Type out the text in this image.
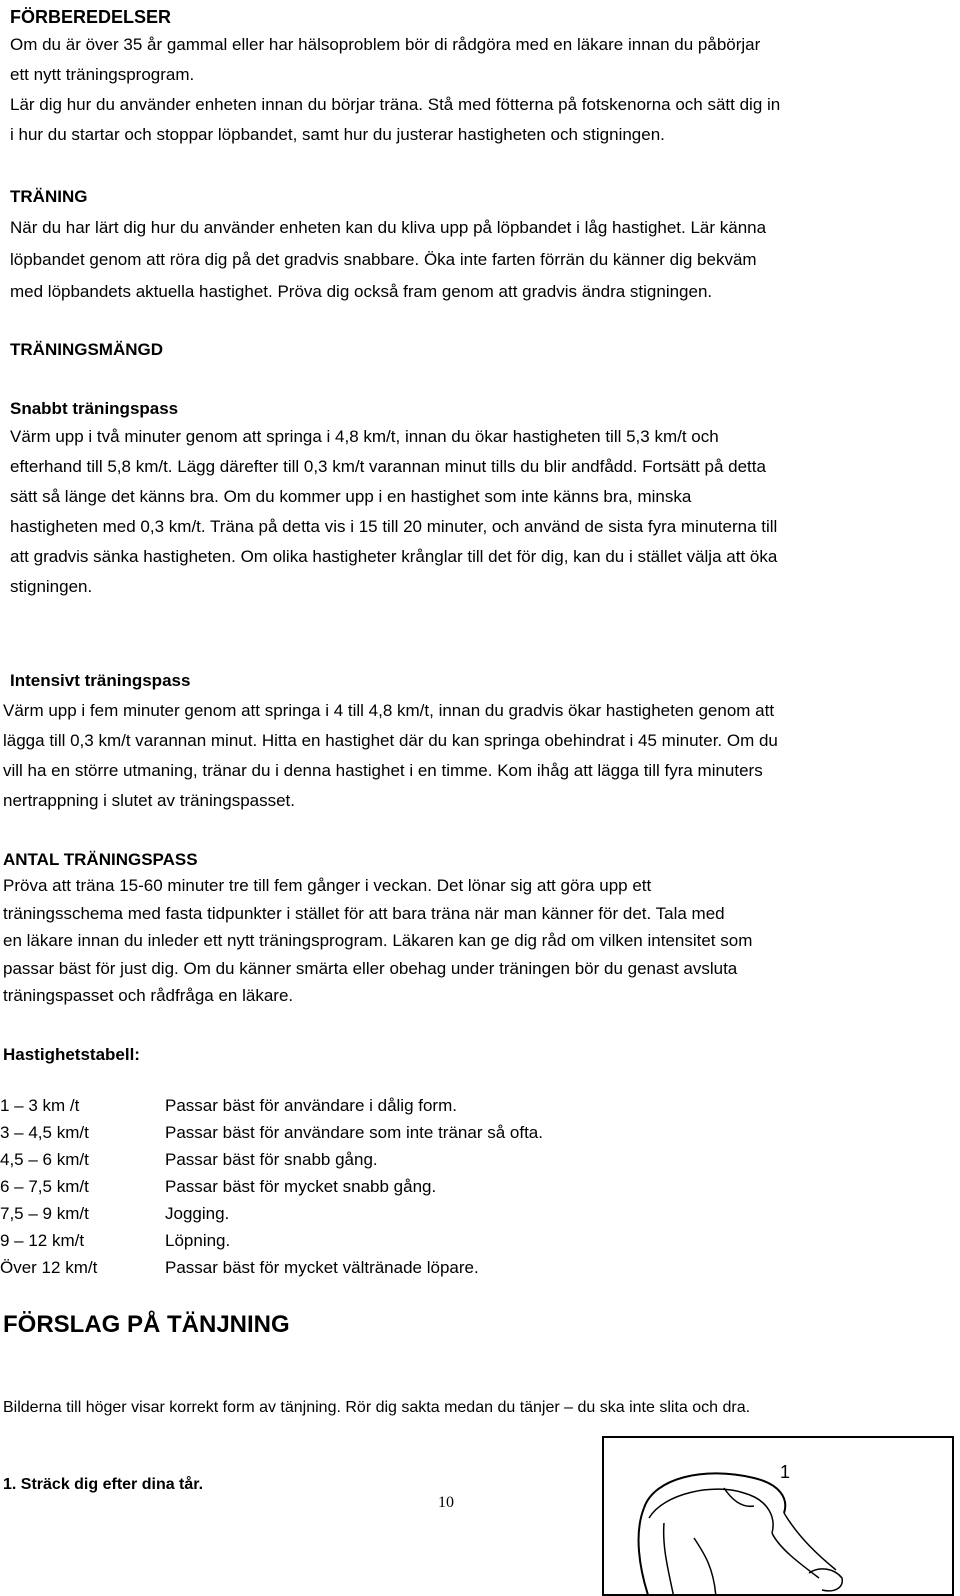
FÖRBEREDELSER
Om du är över 35 år gammal eller har hälsoproblem bör di rådgöra med en läkare innan du påbörjar
ett nytt träningsprogram.
Lär dig hur du använder enheten innan du börjar träna. Stå med fötterna på fotskenorna och sätt dig in
i hur du startar och stoppar löpbandet, samt hur du justerar hastigheten och stigningen.
TRÄNING
När du har lärt dig hur du använder enheten kan du kliva upp på löpbandet i låg hastighet. Lär känna
löpbandet genom att röra dig på det gradvis snabbare. Öka inte farten förrän du känner dig bekväm
med löpbandets aktuella hastighet. Pröva dig också fram genom att gradvis ändra stigningen.
TRÄNINGSMÄNGD
Snabbt träningspass
Värm upp i två minuter genom att springa i 4,8 km/t, innan du ökar hastigheten till 5,3 km/t och
efterhand till 5,8 km/t. Lägg därefter till 0,3 km/t varannan minut tills du blir andfådd. Fortsätt på detta
sätt så länge det känns bra. Om du kommer upp i en hastighet som inte känns bra, minska
hastigheten med 0,3 km/t. Träna på detta vis i 15 till 20 minuter, och använd de sista fyra minuterna till
att gradvis sänka hastigheten. Om olika hastigheter krånglar till det för dig, kan du i stället välja att öka
stigningen.
Intensivt träningspass
Värm upp i fem minuter genom att springa i 4 till 4,8 km/t, innan du gradvis ökar hastigheten genom att
lägga till 0,3 km/t varannan minut. Hitta en hastighet där du kan springa obehindrat i 45 minuter. Om du
vill ha en större utmaning, tränar du i denna hastighet i en timme. Kom ihåg att lägga till fyra minuters
nertrappning i slutet av träningspasset.
ANTAL TRÄNINGSPASS
Pröva att träna 15-60 minuter tre till fem gånger i veckan. Det lönar sig att göra upp ett
träningsschema med fasta tidpunkter i stället för att bara träna när man känner för det. Tala med
en läkare innan du inleder ett nytt träningsprogram. Läkaren kan ge dig råd om vilken intensitet som
passar bäst för just dig. Om du känner smärta eller obehag under träningen bör du genast avsluta
träningspasset och rådfråga en läkare.
Hastighetstabell:
1 – 3 km /t	Passar bäst för användare i dålig form.
3 – 4,5 km/t	Passar bäst för användare som inte tränar så ofta.
4,5 – 6 km/t	Passar bäst för snabb gång.
6 – 7,5 km/t	Passar bäst för mycket snabb gång.
7,5 – 9 km/t	Jogging.
9 – 12 km/t	Löpning.
Över 12 km/t	Passar bäst för mycket vältränade löpare.
FÖRSLAG PÅ TÄNJNING
Bilderna till höger visar korrekt form av tänjning. Rör dig sakta medan du tänjer – du ska inte slita och dra.
1. Sträck dig efter dina tår.
1
10
